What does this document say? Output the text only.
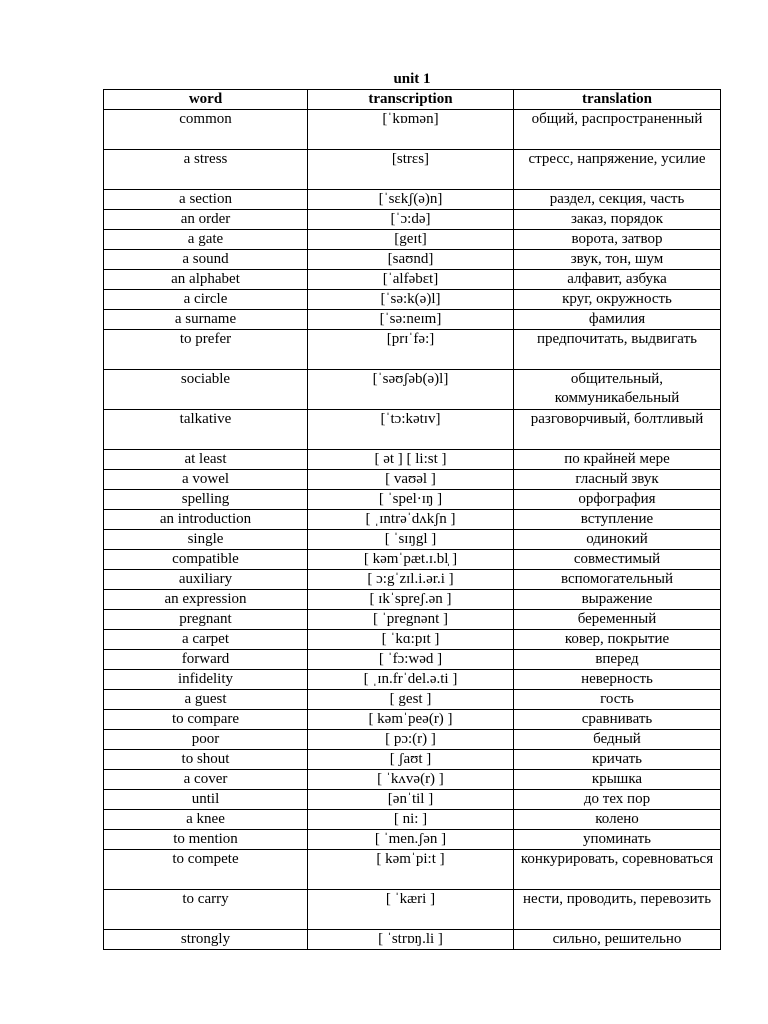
unit 1
word	transcription	translation
common	[ˈkɒmən]	общий, распространенный
a stress	[strɛs]	стресс, напряжение, усилие
a section	[ˈsɛkʃ(ə)n]	раздел, секция, часть
an order	[ˈɔ:də]	заказ, порядок
a gate	[geɪt]	ворота, затвор
a sound	[saʊnd]	звук, тон, шум
an alphabet	[ˈalfəbɛt]	алфавит, азбука
a circle	[ˈsə:k(ə)l]	круг, окружность
a surname	[ˈsə:neɪm]	фамилия
to prefer	[prɪˈfə:]	предпочитать, выдвигать
sociable	[ˈsəʊʃəb(ə)l]	общительный, коммуникабельный
talkative	[ˈtɔ:kətɪv]	разговорчивый, болтливый
at least	[ ət ] [ li:st ]	по крайней мере
a vowel	[ vaʊəl ]	гласный звук
spelling	[ ˈspel·ɪŋ ]	орфография
an introduction	[ ˌɪntrəˈdʌkʃn ]	вступление
single	[ ˈsɪŋgl ]	одинокий
compatible	[ kəmˈpæt.ɪ.bl̩ ]	совместимый
auxiliary	[ ɔ:gˈzɪl.i.ər.i ]	вспомогательный
an expression	[ ɪkˈspreʃ.ən ]	выражение
pregnant	[ ˈpregnənt ]	беременный
a carpet	[ ˈkɑ:pɪt ]	ковер, покрытие
forward	[ ˈfɔ:wəd ]	вперед
infidelity	[ ˌɪn.frˈdel.ə.ti ]	неверность
a guest	[ gest ]	гость
to compare	[ kəmˈpeə(r) ]	сравнивать
poor	[ pɔ:(r) ]	бедный
to shout	[ ʃaʊt ]	кричать
a cover	[ ˈkʌvə(r) ]	крышка
until	[ənˈtil ]	до тех пор
a knee	[ ni: ]	колено
to mention	[ ˈmen.ʃən ]	упоминать
to compete	[ kəmˈpi:t ]	конкурировать, соревноваться
to carry	[ ˈkæri ]	нести, проводить, перевозить
strongly	[ ˈstrɒŋ.li ]	сильно, решительно
